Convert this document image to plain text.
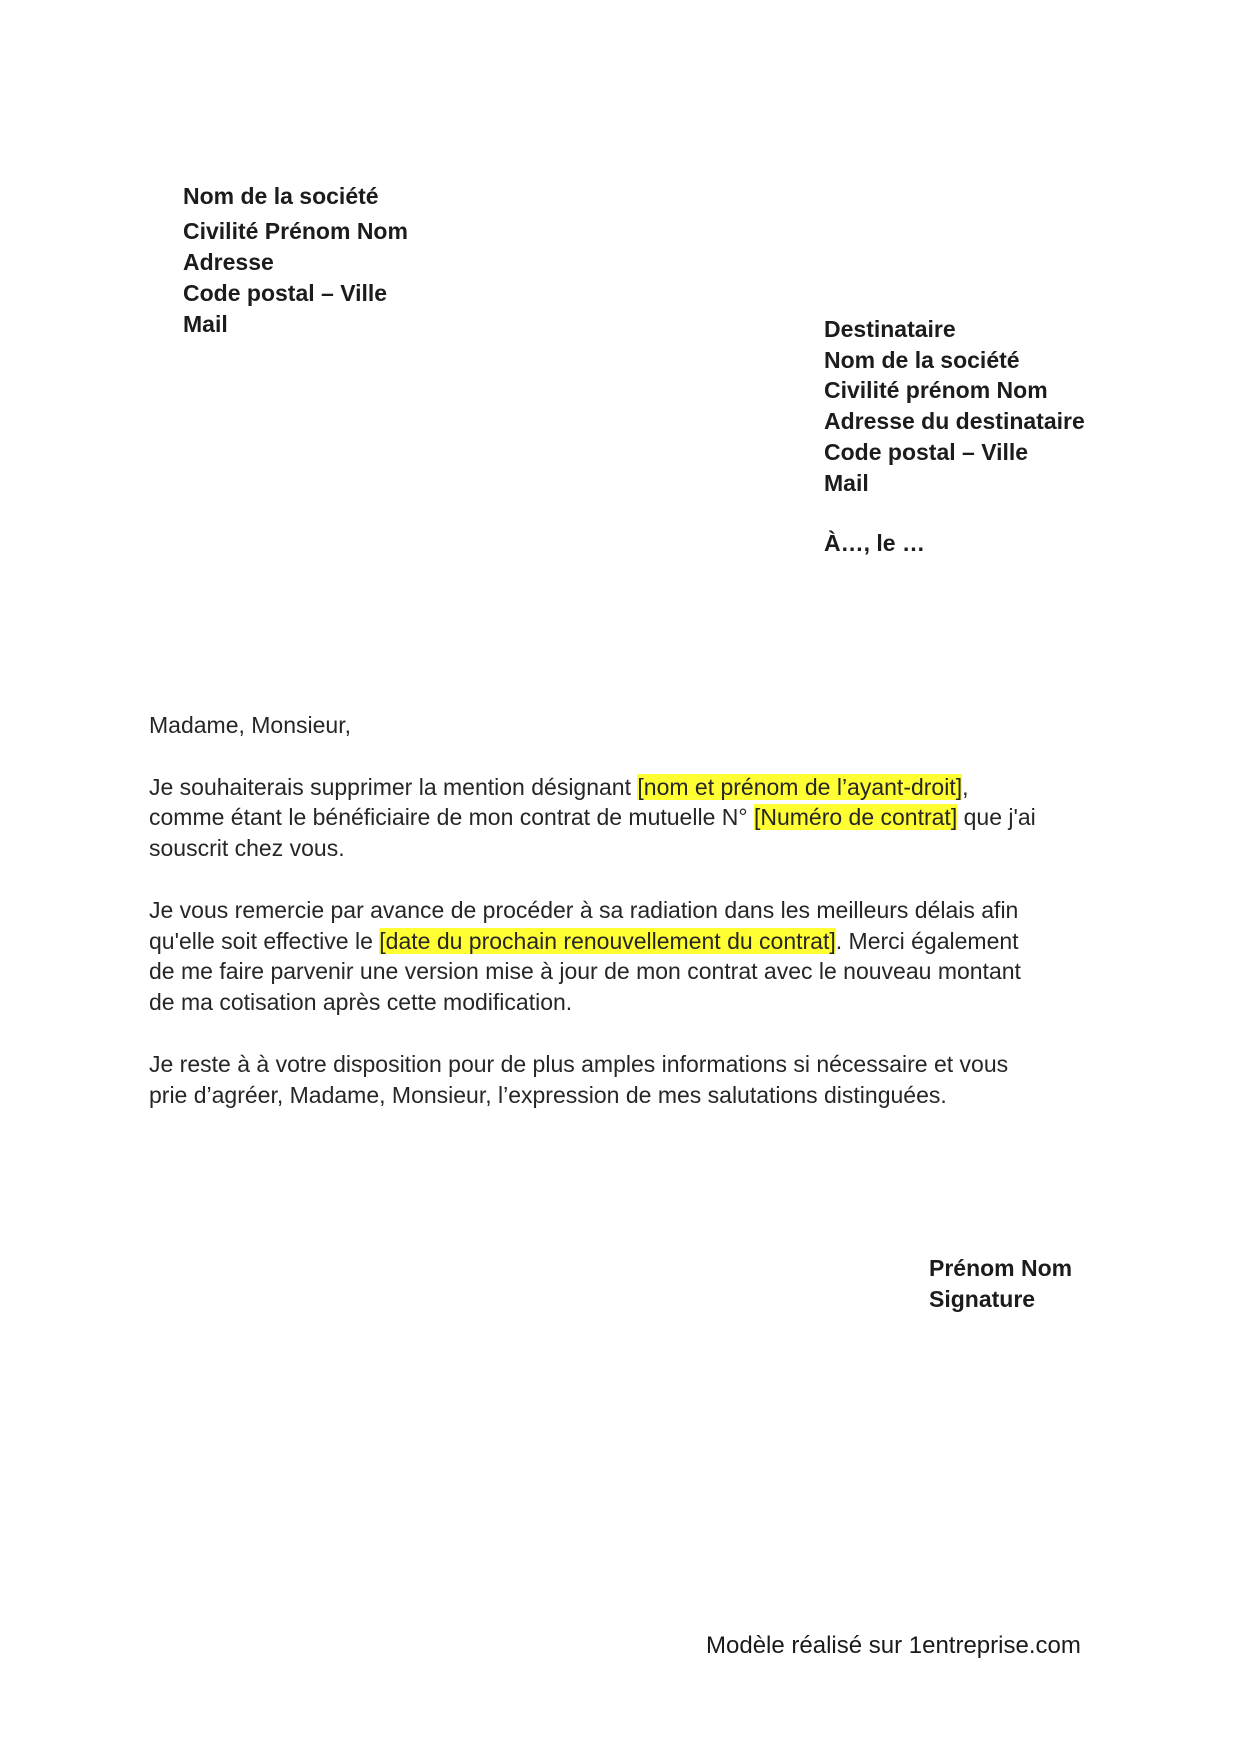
Nom de la société
Civilité Prénom Nom
Adresse
Code postal – Ville
Mail	Destinataire
Nom de la société
Civilité prénom Nom
Adresse du destinataire
Code postal – Ville
Mail
À…, le …

Madame, Monsieur,

Je souhaiterais supprimer la mention désignant [nom et prénom de l’ayant-droit], comme étant le bénéficiaire de mon contrat de mutuelle N° [Numéro de contrat] que j'ai souscrit chez vous.

Je vous remercie par avance de procéder à sa radiation dans les meilleurs délais afin qu'elle soit effective le [date du prochain renouvellement du contrat]. Merci également de me faire parvenir une version mise à jour de mon contrat avec le nouveau montant de ma cotisation après cette modification.

Je reste à à votre disposition pour de plus amples informations si nécessaire et vous prie d’agréer, Madame, Monsieur, l’expression de mes salutations distinguées.

Prénom Nom
Signature
Modèle réalisé sur 1entreprise.com
